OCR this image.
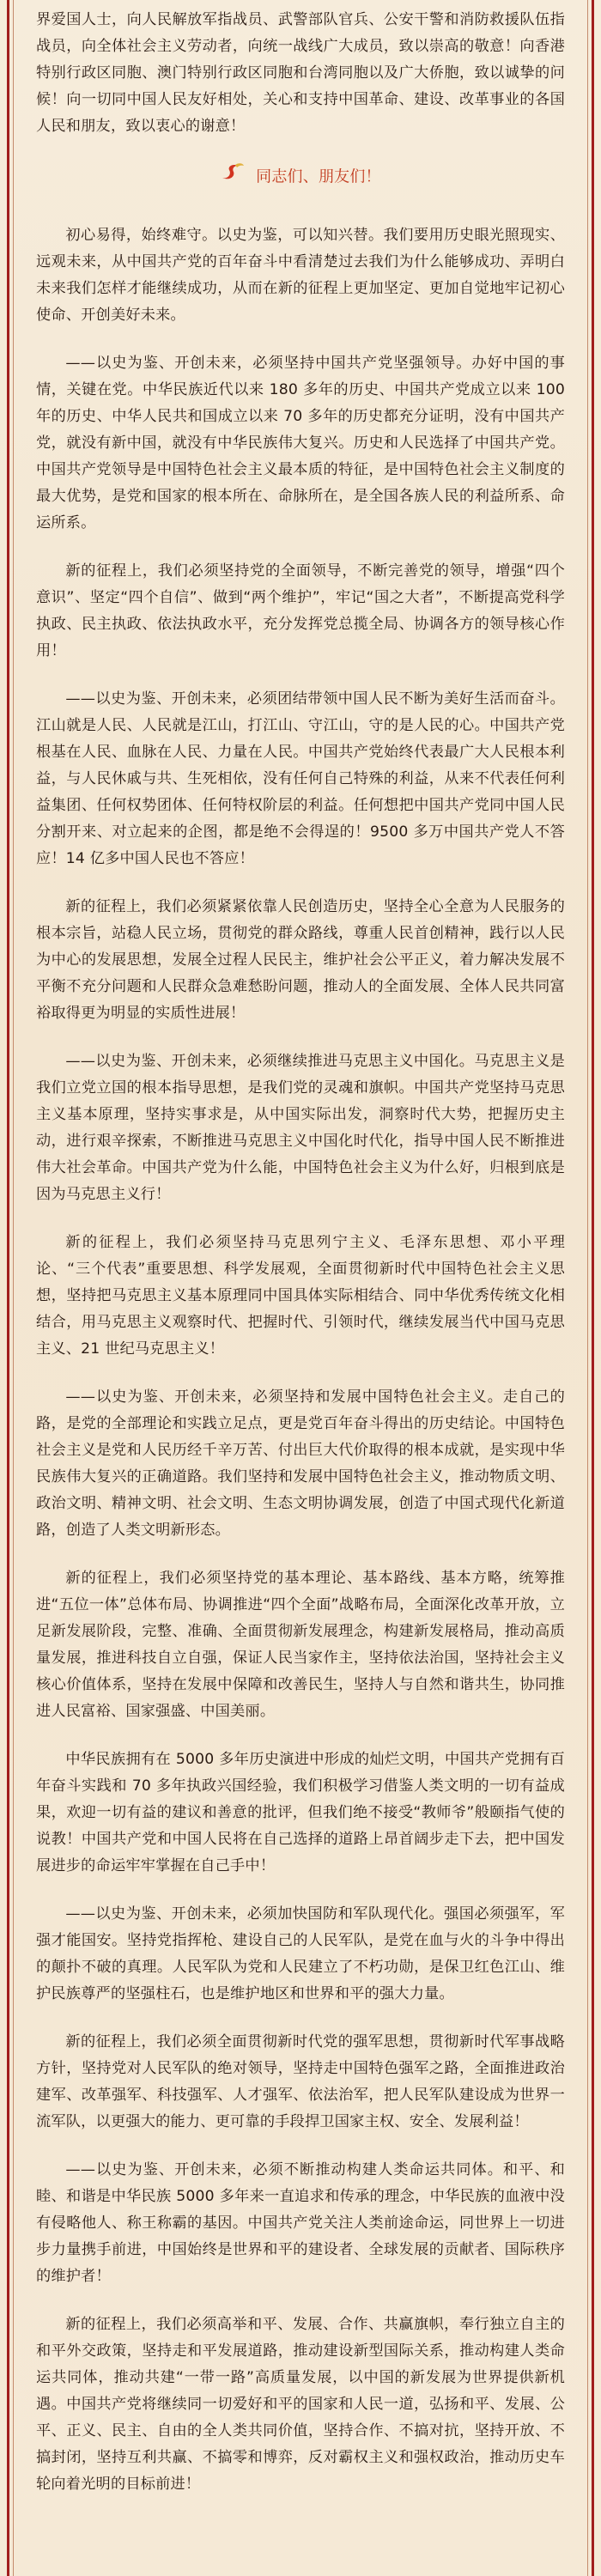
界爱国人士，向人民解放军指战员、武警部队官兵、公安干警和消防救援队伍指战员，向全体社会主义劳动者，向统一战线广大成员，致以崇高的敬意！向香港特别行政区同胞、澳门特别行政区同胞和台湾同胞以及广大侨胞，致以诚挚的问候！向一切同中国人民友好相处，关心和支持中国革命、建设、改革事业的各国人民和朋友，致以衷心的谢意！

同志们、朋友们！

初心易得，始终难守。以史为鉴，可以知兴替。我们要用历史眼光照现实、远观未来，从中国共产党的百年奋斗中看清楚过去我们为什么能够成功、弄明白未来我们怎样才能继续成功，从而在新的征程上更加坚定、更加自觉地牢记初心使命、开创美好未来。

——以史为鉴、开创未来，必须坚持中国共产党坚强领导。办好中国的事情，关键在党。中华民族近代以来 180 多年的历史、中国共产党成立以来 100 年的历史、中华人民共和国成立以来 70 多年的历史都充分证明，没有中国共产党，就没有新中国，就没有中华民族伟大复兴。历史和人民选择了中国共产党。中国共产党领导是中国特色社会主义最本质的特征，是中国特色社会主义制度的最大优势，是党和国家的根本所在、命脉所在，是全国各族人民的利益所系、命运所系。

新的征程上，我们必须坚持党的全面领导，不断完善党的领导，增强“四个意识”、坚定“四个自信”、做到“两个维护”，牢记“国之大者”，不断提高党科学执政、民主执政、依法执政水平，充分发挥党总揽全局、协调各方的领导核心作用！

——以史为鉴、开创未来，必须团结带领中国人民不断为美好生活而奋斗。江山就是人民、人民就是江山，打江山、守江山，守的是人民的心。中国共产党根基在人民、血脉在人民、力量在人民。中国共产党始终代表最广大人民根本利益，与人民休戚与共、生死相依，没有任何自己特殊的利益，从来不代表任何利益集团、任何权势团体、任何特权阶层的利益。任何想把中国共产党同中国人民分割开来、对立起来的企图，都是绝不会得逞的！9500 多万中国共产党人不答应！14 亿多中国人民也不答应！

新的征程上，我们必须紧紧依靠人民创造历史，坚持全心全意为人民服务的根本宗旨，站稳人民立场，贯彻党的群众路线，尊重人民首创精神，践行以人民为中心的发展思想，发展全过程人民民主，维护社会公平正义，着力解决发展不平衡不充分问题和人民群众急难愁盼问题，推动人的全面发展、全体人民共同富裕取得更为明显的实质性进展！

——以史为鉴、开创未来，必须继续推进马克思主义中国化。马克思主义是我们立党立国的根本指导思想，是我们党的灵魂和旗帜。中国共产党坚持马克思主义基本原理，坚持实事求是，从中国实际出发，洞察时代大势，把握历史主动，进行艰辛探索，不断推进马克思主义中国化时代化，指导中国人民不断推进伟大社会革命。中国共产党为什么能，中国特色社会主义为什么好，归根到底是因为马克思主义行！

新的征程上，我们必须坚持马克思列宁主义、毛泽东思想、邓小平理论、“三个代表”重要思想、科学发展观，全面贯彻新时代中国特色社会主义思想，坚持把马克思主义基本原理同中国具体实际相结合、同中华优秀传统文化相结合，用马克思主义观察时代、把握时代、引领时代，继续发展当代中国马克思主义、21 世纪马克思主义！

——以史为鉴、开创未来，必须坚持和发展中国特色社会主义。走自己的路，是党的全部理论和实践立足点，更是党百年奋斗得出的历史结论。中国特色社会主义是党和人民历经千辛万苦、付出巨大代价取得的根本成就，是实现中华民族伟大复兴的正确道路。我们坚持和发展中国特色社会主义，推动物质文明、政治文明、精神文明、社会文明、生态文明协调发展，创造了中国式现代化新道路，创造了人类文明新形态。

新的征程上，我们必须坚持党的基本理论、基本路线、基本方略，统筹推进“五位一体”总体布局、协调推进“四个全面”战略布局，全面深化改革开放，立足新发展阶段，完整、准确、全面贯彻新发展理念，构建新发展格局，推动高质量发展，推进科技自立自强，保证人民当家作主，坚持依法治国，坚持社会主义核心价值体系，坚持在发展中保障和改善民生，坚持人与自然和谐共生，协同推进人民富裕、国家强盛、中国美丽。

中华民族拥有在 5000 多年历史演进中形成的灿烂文明，中国共产党拥有百年奋斗实践和 70 多年执政兴国经验，我们积极学习借鉴人类文明的一切有益成果，欢迎一切有益的建议和善意的批评，但我们绝不接受“教师爷”般颐指气使的说教！中国共产党和中国人民将在自己选择的道路上昂首阔步走下去，把中国发展进步的命运牢牢掌握在自己手中！

——以史为鉴、开创未来，必须加快国防和军队现代化。强国必须强军，军强才能国安。坚持党指挥枪、建设自己的人民军队，是党在血与火的斗争中得出的颠扑不破的真理。人民军队为党和人民建立了不朽功勋，是保卫红色江山、维护民族尊严的坚强柱石，也是维护地区和世界和平的强大力量。

新的征程上，我们必须全面贯彻新时代党的强军思想，贯彻新时代军事战略方针，坚持党对人民军队的绝对领导，坚持走中国特色强军之路，全面推进政治建军、改革强军、科技强军、人才强军、依法治军，把人民军队建设成为世界一流军队，以更强大的能力、更可靠的手段捍卫国家主权、安全、发展利益！

——以史为鉴、开创未来，必须不断推动构建人类命运共同体。和平、和睦、和谐是中华民族 5000 多年来一直追求和传承的理念，中华民族的血液中没有侵略他人、称王称霸的基因。中国共产党关注人类前途命运，同世界上一切进步力量携手前进，中国始终是世界和平的建设者、全球发展的贡献者、国际秩序的维护者！

新的征程上，我们必须高举和平、发展、合作、共赢旗帜，奉行独立自主的和平外交政策，坚持走和平发展道路，推动建设新型国际关系，推动构建人类命运共同体，推动共建“一带一路”高质量发展，以中国的新发展为世界提供新机遇。中国共产党将继续同一切爱好和平的国家和人民一道，弘扬和平、发展、公平、正义、民主、自由的全人类共同价值，坚持合作、不搞对抗，坚持开放、不搞封闭，坚持互利共赢、不搞零和博弈，反对霸权主义和强权政治，推动历史车轮向着光明的目标前进！
